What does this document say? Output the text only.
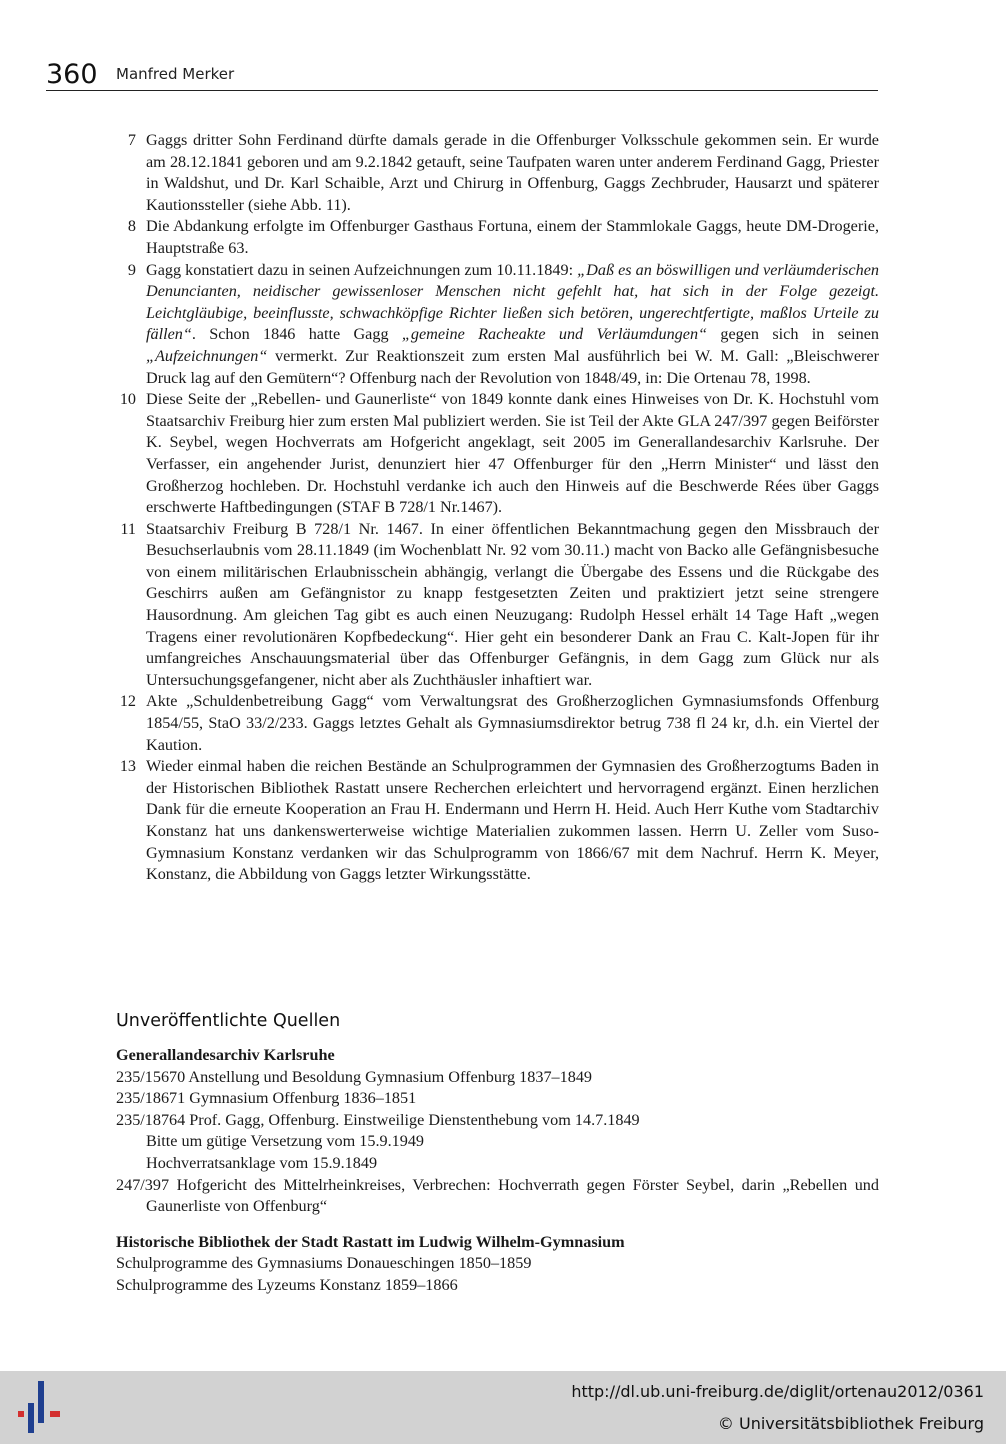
360 Manfred Merker
7 Gaggs dritter Sohn Ferdinand dürfte damals gerade in die Offenburger Volksschule gekommen sein. Er wurde am 28.12.1841 geboren und am 9.2.1842 getauft, seine Taufpaten waren unter anderem Ferdinand Gagg, Priester in Waldshut, und Dr. Karl Schaible, Arzt und Chirurg in Offenburg, Gaggs Zechbruder, Hausarzt und späterer Kautionssteller (siehe Abb. 11).
8 Die Abdankung erfolgte im Offenburger Gasthaus Fortuna, einem der Stammlokale Gaggs, heute DM-Drogerie, Hauptstraße 63.
9 Gagg konstatiert dazu in seinen Aufzeichnungen zum 10.11.1849: „Daß es an böswilligen und verläumderischen Denuncianten, neidischer gewissenloser Menschen nicht gefehlt hat, hat sich in der Folge gezeigt. Leichtgläubige, beeinflusste, schwachköpfige Richter ließen sich betören, ungerechtfertigte, maßlos Urteile zu fällen“. Schon 1846 hatte Gagg „gemeine Racheakte und Verläumdungen“ gegen sich in seinen „Aufzeichnungen“ vermerkt. Zur Reaktionszeit zum ersten Mal ausführlich bei W. M. Gall: „Bleischwerer Druck lag auf den Gemütern“? Offenburg nach der Revolution von 1848/49, in: Die Ortenau 78, 1998.
10 Diese Seite der „Rebellen- und Gaunerliste“ von 1849 konnte dank eines Hinweises von Dr. K. Hochstuhl vom Staatsarchiv Freiburg hier zum ersten Mal publiziert werden. Sie ist Teil der Akte GLA 247/397 gegen Beiförster K. Seybel, wegen Hochverrats am Hofgericht angeklagt, seit 2005 im Generallandesarchiv Karlsruhe. Der Verfasser, ein angehender Jurist, denunziert hier 47 Offenburger für den „Herrn Minister“ und lässt den Großherzog hochleben. Dr. Hochstuhl verdanke ich auch den Hinweis auf die Beschwerde Rées über Gaggs erschwerte Haftbedingungen (STAF B 728/1 Nr.1467).
11 Staatsarchiv Freiburg B 728/1 Nr. 1467. In einer öffentlichen Bekanntmachung gegen den Missbrauch der Besuchserlaubnis vom 28.11.1849 (im Wochenblatt Nr. 92 vom 30.11.) macht von Backo alle Gefängnisbesuche von einem militärischen Erlaubnisschein abhängig, verlangt die Übergabe des Essens und die Rückgabe des Geschirrs außen am Gefängnistor zu knapp festgesetzten Zeiten und praktiziert jetzt seine strengere Hausordnung. Am gleichen Tag gibt es auch einen Neuzugang: Rudolph Hessel erhält 14 Tage Haft „wegen Tragens einer revolutionären Kopfbedeckung“. Hier geht ein besonderer Dank an Frau C. Kalt-Jopen für ihr umfangreiches Anschauungsmaterial über das Offenburger Gefängnis, in dem Gagg zum Glück nur als Untersuchungsgefangener, nicht aber als Zuchthäusler inhaftiert war.
12 Akte „Schuldenbetreibung Gagg“ vom Verwaltungsrat des Großherzoglichen Gymnasiumsfonds Offenburg 1854/55, StaO 33/2/233. Gaggs letztes Gehalt als Gymnasiumsdirektor betrug 738 fl 24 kr, d.h. ein Viertel der Kaution.
13 Wieder einmal haben die reichen Bestände an Schulprogrammen der Gymnasien des Großherzogtums Baden in der Historischen Bibliothek Rastatt unsere Recherchen erleichtert und hervorragend ergänzt. Einen herzlichen Dank für die erneute Kooperation an Frau H. Endermann und Herrn H. Heid. Auch Herr Kuthe vom Stadtarchiv Konstanz hat uns dankenswerterweise wichtige Materialien zukommen lassen. Herrn U. Zeller vom Suso-Gymnasium Konstanz verdanken wir das Schulprogramm von 1866/67 mit dem Nachruf. Herrn K. Meyer, Konstanz, die Abbildung von Gaggs letzter Wirkungsstätte.
Unveröffentlichte Quellen
Generallandesarchiv Karlsruhe
235/15670 Anstellung und Besoldung Gymnasium Offenburg 1837–1849
235/18671 Gymnasium Offenburg 1836–1851
235/18764 Prof. Gagg, Offenburg. Einstweilige Dienstenthebung vom 14.7.1849
Bitte um gütige Versetzung vom 15.9.1949
Hochverratsanklage vom 15.9.1849
247/397 Hofgericht des Mittelrheinkreises, Verbrechen: Hochverrath gegen Förster Seybel, darin „Rebellen und Gaunerliste von Offenburg“
Historische Bibliothek der Stadt Rastatt im Ludwig Wilhelm-Gymnasium
Schulprogramme des Gymnasiums Donaueschingen 1850–1859
Schulprogramme des Lyzeums Konstanz 1859–1866
http://dl.ub.uni-freiburg.de/diglit/ortenau2012/0361
© Universitätsbibliothek Freiburg
